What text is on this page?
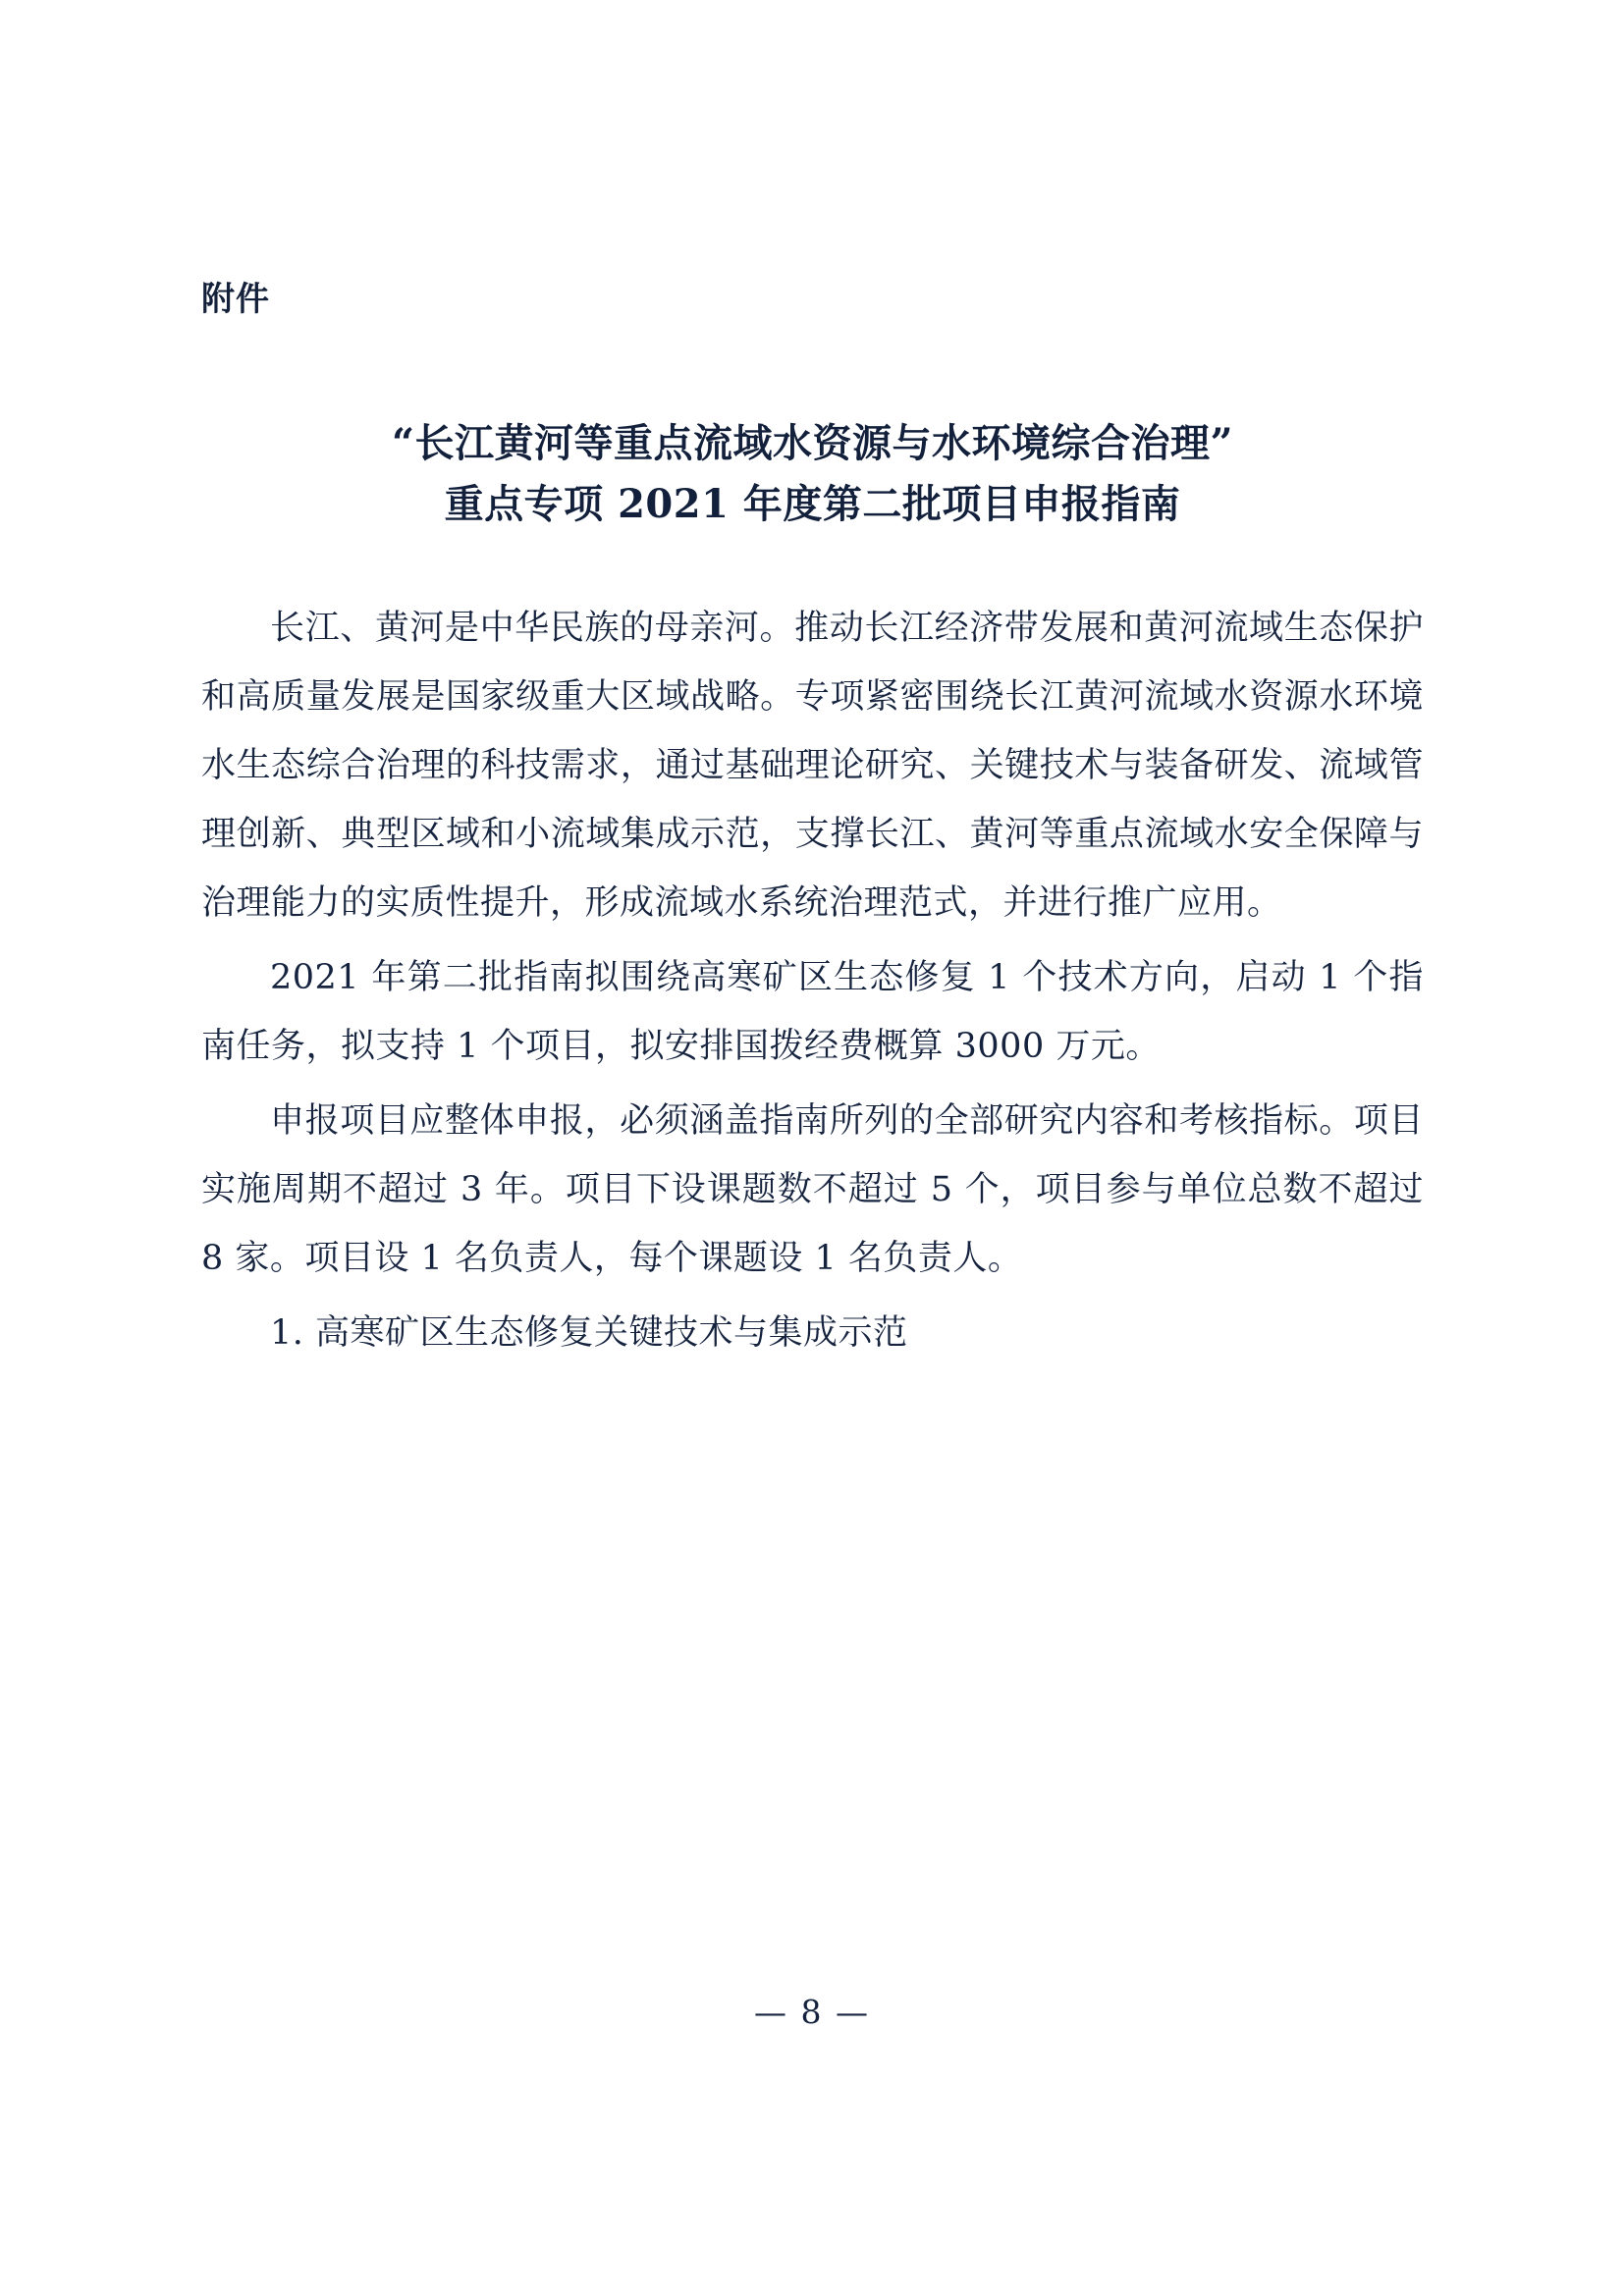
附件
“长江黄河等重点流域水资源与水环境综合治理”
重点专项 2021 年度第二批项目申报指南

长江、黄河是中华民族的母亲河。推动长江经济带发展和黄河流域生态保护和高质量发展是国家级重大区域战略。专项紧密围绕长江黄河流域水资源水环境水生态综合治理的科技需求，通过基础理论研究、关键技术与装备研发、流域管理创新、典型区域和小流域集成示范，支撑长江、黄河等重点流域水安全保障与治理能力的实质性提升，形成流域水系统治理范式，并进行推广应用。

2021 年第二批指南拟围绕高寒矿区生态修复 1 个技术方向，启动 1 个指南任务，拟支持 1 个项目，拟安排国拨经费概算 3000 万元。

申报项目应整体申报，必须涵盖指南所列的全部研究内容和考核指标。项目实施周期不超过 3 年。项目下设课题数不超过 5 个，项目参与单位总数不超过 8 家。项目设 1 名负责人，每个课题设 1 名负责人。

1. 高寒矿区生态修复关键技术与集成示范

— 8 —
